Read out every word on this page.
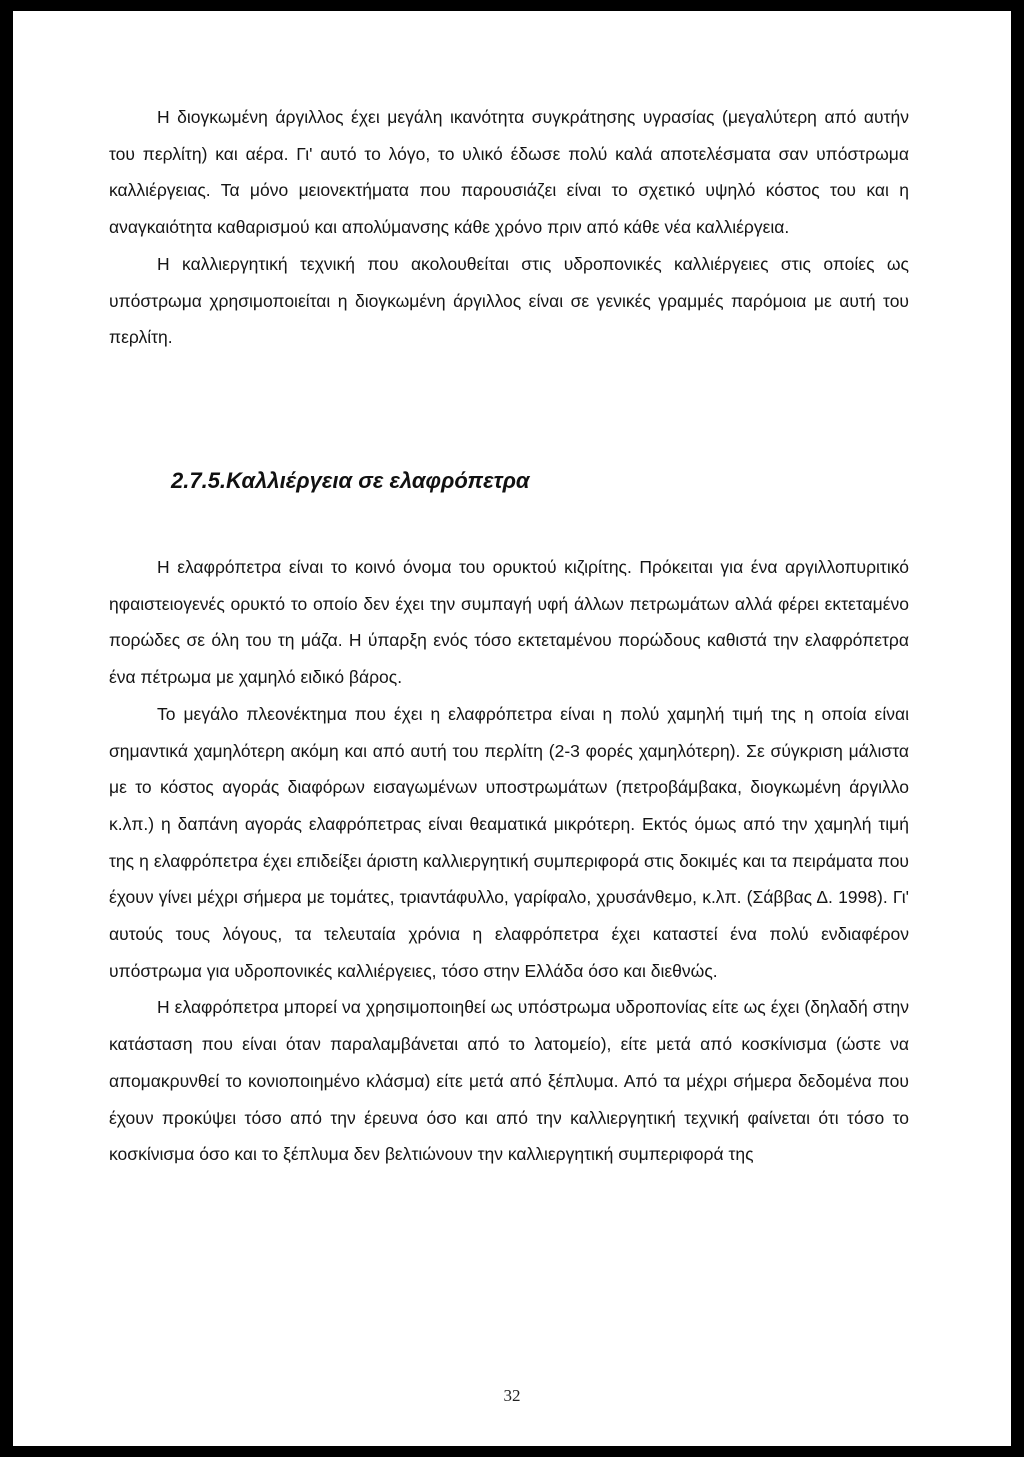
Η διογκωμένη άργιλλος έχει μεγάλη ικανότητα συγκράτησης υγρασίας (μεγαλύτερη από αυτήν του περλίτη) και αέρα. Γι' αυτό το λόγο, το υλικό έδωσε πολύ καλά αποτελέσματα σαν υπόστρωμα καλλιέργειας. Τα μόνο μειονεκτήματα που παρουσιάζει είναι το σχετικό υψηλό κόστος του και η αναγκαιότητα καθαρισμού και απολύμανσης κάθε χρόνο πριν από κάθε νέα καλλιέργεια.

Η καλλιεργητική τεχνική που ακολουθείται στις υδροπονικές καλλιέργειες στις οποίες ως υπόστρωμα χρησιμοποιείται η διογκωμένη άργιλλος είναι σε γενικές γραμμές παρόμοια με αυτή του περλίτη.

2.7.5.Καλλιέργεια σε ελαφρόπετρα

Η ελαφρόπετρα είναι το κοινό όνομα του ορυκτού κιζιρίτης. Πρόκειται για ένα αργιλλοπυριτικό ηφαιστειογενές ορυκτό το οποίο δεν έχει την συμπαγή υφή άλλων πετρωμάτων αλλά φέρει εκτεταμένο πορώδες σε όλη του τη μάζα. Η ύπαρξη ενός τόσο εκτεταμένου πορώδους καθιστά την ελαφρόπετρα ένα πέτρωμα με χαμηλό ειδικό βάρος.

Το μεγάλο πλεονέκτημα που έχει η ελαφρόπετρα είναι η πολύ χαμηλή τιμή της η οποία είναι σημαντικά χαμηλότερη ακόμη και από αυτή του περλίτη (2-3 φορές χαμηλότερη). Σε σύγκριση μάλιστα με το κόστος αγοράς διαφόρων εισαγωμένων υποστρωμάτων (πετροβάμβακα, διογκωμένη άργιλλο κ.λπ.) η δαπάνη αγοράς ελαφρόπετρας είναι θεαματικά μικρότερη. Εκτός όμως από την χαμηλή τιμή της η ελαφρόπετρα έχει επιδείξει άριστη καλλιεργητική συμπεριφορά στις δοκιμές και τα πειράματα που έχουν γίνει μέχρι σήμερα με τομάτες, τριαντάφυλλο, γαρίφαλο, χρυσάνθεμο, κ.λπ. (Σάββας Δ. 1998). Γι' αυτούς τους λόγους, τα τελευταία χρόνια η ελαφρόπετρα έχει καταστεί ένα πολύ ενδιαφέρον υπόστρωμα για υδροπονικές καλλιέργειες, τόσο στην Ελλάδα όσο και διεθνώς.

Η ελαφρόπετρα μπορεί να χρησιμοποιηθεί ως υπόστρωμα υδροπονίας είτε ως έχει (δηλαδή στην κατάσταση που είναι όταν παραλαμβάνεται από το λατομείο), είτε μετά από κοσκίνισμα (ώστε να απομακρυνθεί το κονιοποιημένο κλάσμα) είτε μετά από ξέπλυμα. Από τα μέχρι σήμερα δεδομένα που έχουν προκύψει τόσο από την έρευνα όσο και από την καλλιεργητική τεχνική φαίνεται ότι τόσο το κοσκίνισμα όσο και το ξέπλυμα δεν βελτιώνουν την καλλιεργητική συμπεριφορά της

32
